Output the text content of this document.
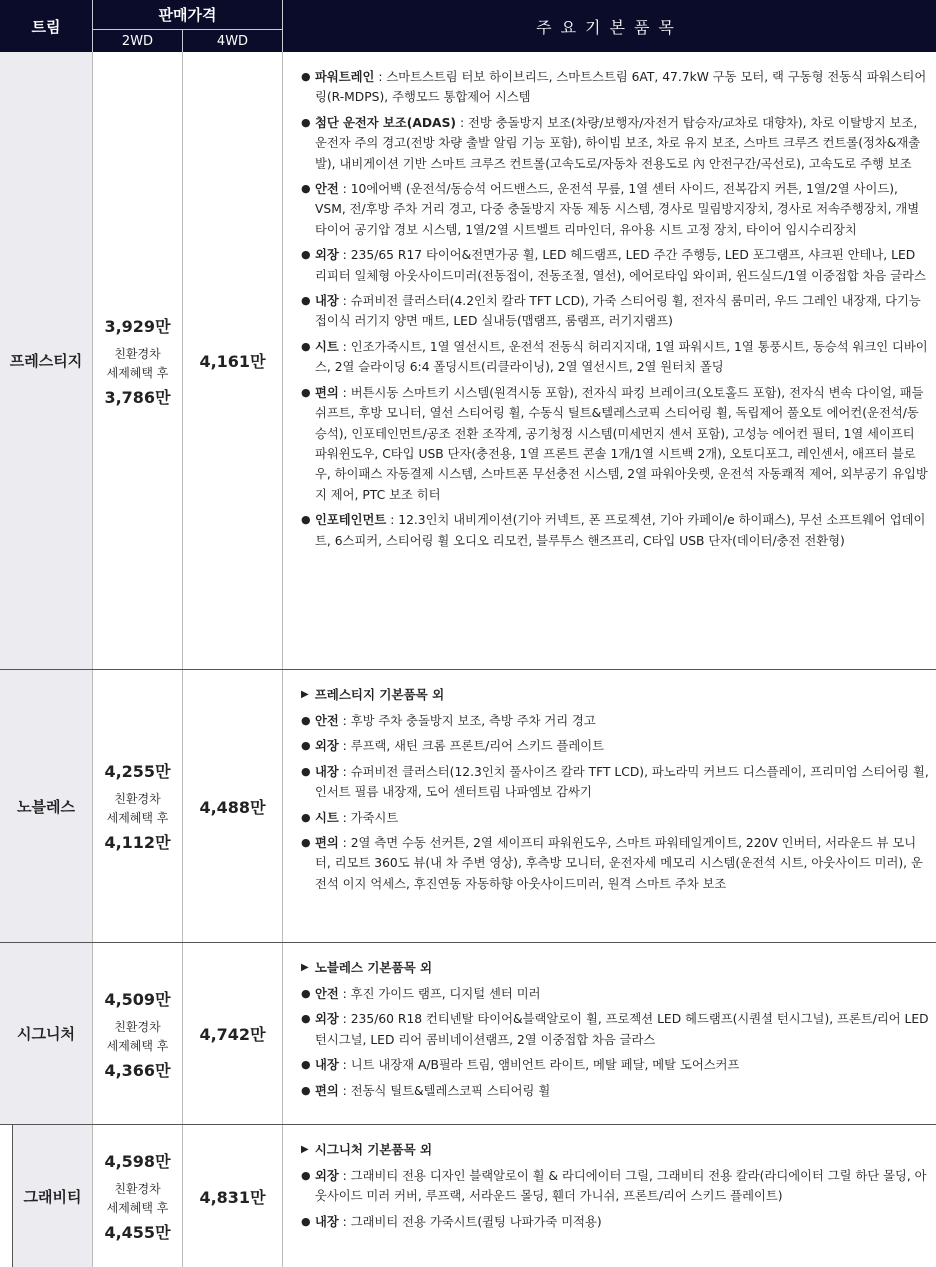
트림
판매가격
2WD	4WD
주요기본품목
프레스티지
3,929만
친환경차
세제혜택 후
3,786만
4,161만
● 파워트레인 : 스마트스트림 터보 하이브리드, 스마트스트림 6AT, 47.7kW 구동 모터, 랙 구동형 전동식 파워스티어링(R-MDPS), 주행모드 통합제어 시스템
● 첨단 운전자 보조(ADAS) : 전방 충돌방지 보조(차량/보행자/자전거 탑승자/교차로 대향차), 차로 이탈방지 보조, 운전자 주의 경고(전방 차량 출발 알림 기능 포함), 하이빔 보조, 차로 유지 보조, 스마트 크루즈 컨트롤(정차&재출발), 내비게이션 기반 스마트 크루즈 컨트롤(고속도로/자동차 전용도로 內 안전구간/곡선로), 고속도로 주행 보조
● 안전 : 10에어백 (운전석/동승석 어드밴스드, 운전석 무릎, 1열 센터 사이드, 전복감지 커튼, 1열/2열 사이드), VSM, 전/후방 주차 거리 경고, 다중 충돌방지 자동 제동 시스템, 경사로 밀림방지장치, 경사로 저속주행장치, 개별 타이어 공기압 경보 시스템, 1열/2열 시트벨트 리마인더, 유아용 시트 고정 장치, 타이어 임시수리장치
● 외장 : 235/65 R17 타이어&전면가공 휠, LED 헤드램프, LED 주간 주행등, LED 포그램프, 샤크핀 안테나, LED 리피터 일체형 아웃사이드미러(전동접이, 전동조절, 열선), 에어로타입 와이퍼, 윈드실드/1열 이중접합 차음 글라스
● 내장 : 슈퍼비전 클러스터(4.2인치 칼라 TFT LCD), 가죽 스티어링 휠, 전자식 룸미러, 우드 그레인 내장재, 다기능 접이식 러기지 양면 매트, LED 실내등(맵램프, 룸램프, 러기지램프)
● 시트 : 인조가죽시트, 1열 열선시트, 운전석 전동식 허리지지대, 1열 파워시트, 1열 통풍시트, 동승석 워크인 디바이스, 2열 슬라이딩 6:4 폴딩시트(리클라이닝), 2열 열선시트, 2열 원터치 폴딩
● 편의 : 버튼시동 스마트키 시스템(원격시동 포함), 전자식 파킹 브레이크(오토홀드 포함), 전자식 변속 다이얼, 패들 쉬프트, 후방 모니터, 열선 스티어링 휠, 수동식 틸트&텔레스코픽 스티어링 휠, 독립제어 풀오토 에어컨(운전석/동승석), 인포테인먼트/공조 전환 조작계, 공기청정 시스템(미세먼지 센서 포함), 고성능 에어컨 필터, 1열 세이프티 파워윈도우, C타입 USB 단자(충전용, 1열 프론트 콘솔 1개/1열 시트백 2개), 오토디포그, 레인센서, 애프터 블로우, 하이패스 자동결제 시스템, 스마트폰 무선충전 시스템, 2열 파워아웃렛, 운전석 자동쾌적 제어, 외부공기 유입방지 제어, PTC 보조 히터
● 인포테인먼트 : 12.3인치 내비게이션(기아 커넥트, 폰 프로젝션, 기아 카페이/e 하이패스), 무선 소프트웨어 업데이트, 6스피커, 스티어링 휠 오디오 리모컨, 블루투스 핸즈프리, C타입 USB 단자(데이터/충전 전환형)
노블레스
4,255만
친환경차
세제혜택 후
4,112만
4,488만
▶ 프레스티지 기본품목 외
● 안전 : 후방 주차 충돌방지 보조, 측방 주차 거리 경고
● 외장 : 루프랙, 새틴 크롬 프론트/리어 스키드 플레이트
● 내장 : 슈퍼비전 클러스터(12.3인치 풀사이즈 칼라 TFT LCD), 파노라믹 커브드 디스플레이, 프리미엄 스티어링 휠, 인서트 필름 내장재, 도어 센터트림 나파엠보 감싸기
● 시트 : 가죽시트
● 편의 : 2열 측면 수동 선커튼, 2열 세이프티 파워윈도우, 스마트 파워테일게이트, 220V 인버터, 서라운드 뷰 모니터, 리모트 360도 뷰(내 차 주변 영상), 후측방 모니터, 운전자세 메모리 시스템(운전석 시트, 아웃사이드 미러), 운전석 이지 억세스, 후진연동 자동하향 아웃사이드미러, 원격 스마트 주차 보조
시그니처
4,509만
친환경차
세제혜택 후
4,366만
4,742만
▶ 노블레스 기본품목 외
● 안전 : 후진 가이드 램프, 디지털 센터 미러
● 외장 : 235/60 R18 컨티넨탈 타이어&블랙알로이 휠, 프로젝션 LED 헤드램프(시퀀셜 턴시그널), 프론트/리어 LED 턴시그널, LED 리어 콤비네이션램프, 2열 이중접합 차음 글라스
● 내장 : 니트 내장재 A/B필라 트림, 앰비언트 라이트, 메탈 페달, 메탈 도어스커프
● 편의 : 전동식 틸트&텔레스코픽 스티어링 휠
그래비티
4,598만
친환경차
세제혜택 후
4,455만
4,831만
▶ 시그니처 기본품목 외
● 외장 : 그래비티 전용 디자인 블랙알로이 휠 & 라디에이터 그릴, 그래비티 전용 칼라(라디에이터 그릴 하단 몰딩, 아웃사이드 미러 커버, 루프랙, 서라운드 몰딩, 휀더 가니쉬, 프론트/리어 스키드 플레이트)
● 내장 : 그래비티 전용 가죽시트(퀼팅 나파가죽 미적용)
